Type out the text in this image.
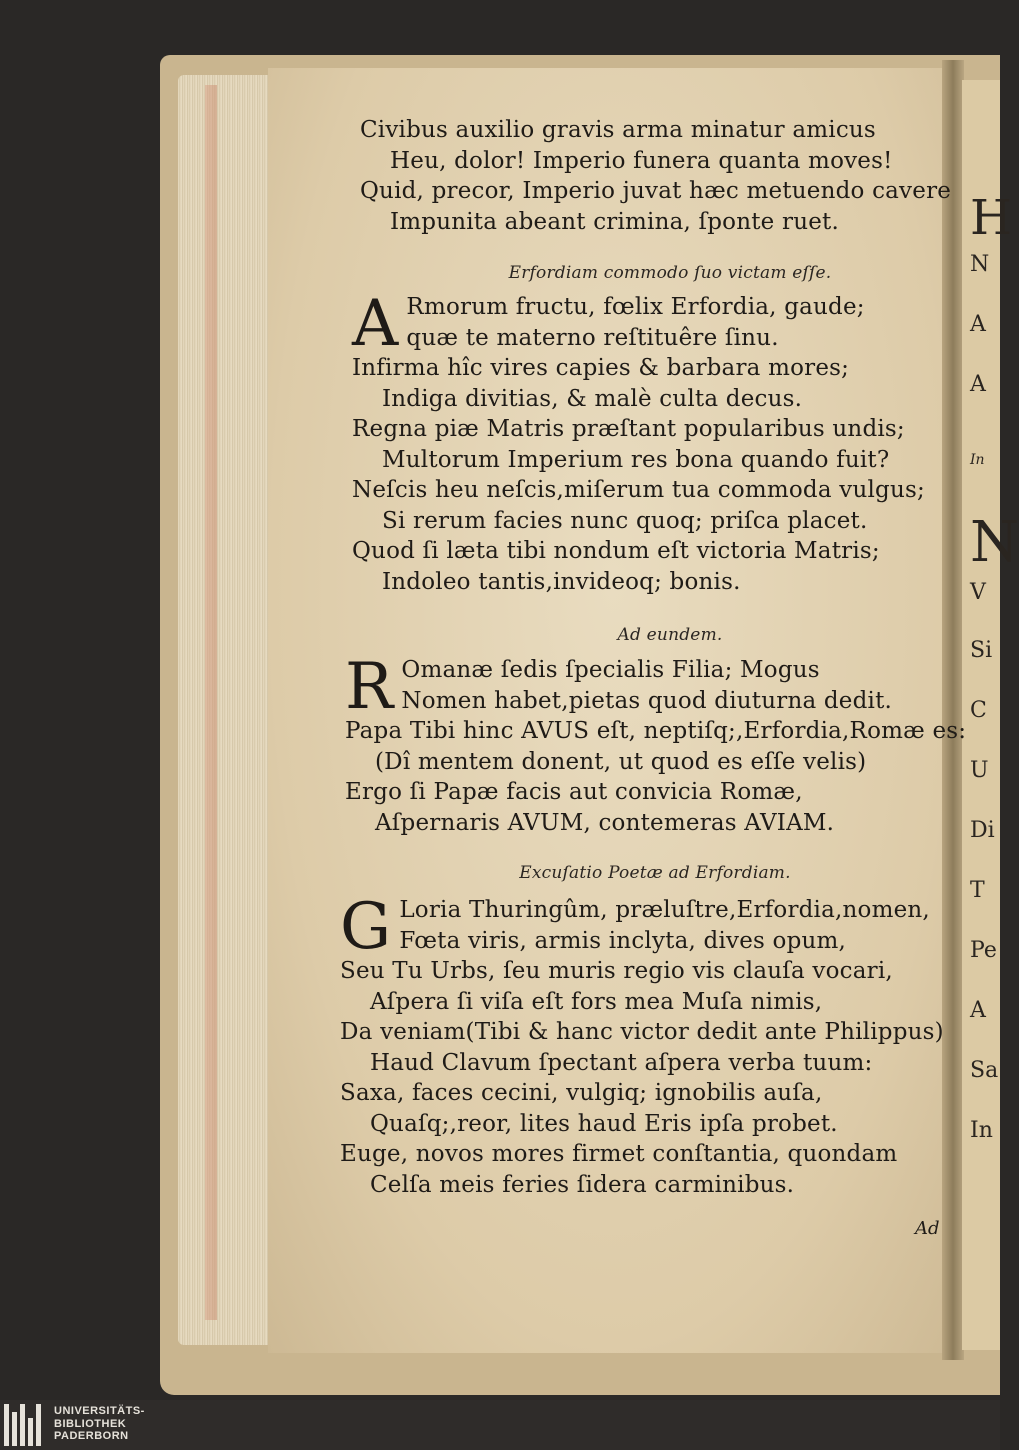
H
N
A
A
In
N
V
Si
C
U
Di
T
Pe
A
Sa
In
Civibus auxilio gravis arma minatur amicus
Heu, dolor! Imperio funera quanta moves!
Quid, precor, Imperio juvat hæc metuendo cavere
Impunita abeant crimina, ſponte ruet.
Erfordiam commodo ſuo victam eſſe.
A Rmorum fructu, fœlix Erfordia, gaude;
quæ te materno reſtituêre ſinu.
Infirma hîc vires capies & barbara mores;
Indiga divitias, & malè culta decus.
Regna piæ Matris præſtant popularibus undis;
Multorum Imperium res bona quando fuit?
Neſcis heu neſcis,miſerum tua commoda vulgus;
Si rerum facies nunc quoq; priſca placet.
Quod ſi læta tibi nondum eſt victoria Matris;
Indoleo tantis,invideoq; bonis.
Ad eundem.
R Omanæ ſedis ſpecialis Filia; Mogus
Nomen habet,pietas quod diuturna dedit.
Papa Tibi hinc AVUS eſt, neptiſq;,Erfordia,Romæ es:
(Dî mentem donent, ut quod es eſſe velis)
Ergo ſi Papæ facis aut convicia Romæ,
Aſpernaris AVUM, contemeras AVIAM.
Excuſatio Poetæ ad Erfordiam.
G Loria Thuringûm, præluſtre,Erfordia,nomen,
Fœta viris, armis inclyta, dives opum,
Seu Tu Urbs, ſeu muris regio vis clauſa vocari,
Aſpera ſi viſa eſt fors mea Muſa nimis,
Da veniam(Tibi & hanc victor dedit ante Philippus)
Haud Clavum ſpectant aſpera verba tuum:
Saxa, faces cecini, vulgiq; ignobilis auſa,
Quaſq;,reor, lites haud Eris ipſa probet.
Euge, novos mores firmet conſtantia, quondam
Celſa meis feries ſidera carminibus.
Ad
UNIVERSITÄTS-
BIBLIOTHEK
PADERBORN
